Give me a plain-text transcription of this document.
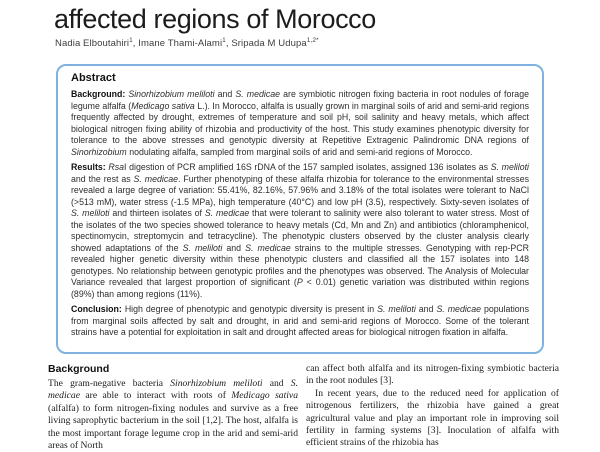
affected regions of Morocco
Nadia Elboutahiri$^1$, Imane Thami-Alami$^1$, Sripada M Udupa$^{1,2*}$
Abstract

Background: Sinorhizobium meliloti and S. medicae are symbiotic nitrogen fixing bacteria in root nodules of forage legume alfalfa (Medicago sativa L.). In Morocco, alfalfa is usually grown in marginal soils of arid and semi-arid regions frequently affected by drought, extremes of temperature and soil pH, soil salinity and heavy metals, which affect biological nitrogen fixing ability of rhizobia and productivity of the host. This study examines phenotypic diversity for tolerance to the above stresses and genotypic diversity at Repetitive Extragenic Palindromic DNA regions of Sinorhizobium nodulating alfalfa, sampled from marginal soils of arid and semi-arid regions of Morocco.

Results: RsaI digestion of PCR amplified 16S rDNA of the 157 sampled isolates, assigned 136 isolates as S. meliloti and the rest as S. medicae. Further phenotyping of these alfalfa rhizobia for tolerance to the environmental stresses revealed a large degree of variation: 55.41%, 82.16%, 57.96% and 3.18% of the total isolates were tolerant to NaCl (>513 mM), water stress (-1.5 MPa), high temperature (40°C) and low pH (3.5), respectively. Sixty-seven isolates of S. meliloti and thirteen isolates of S. medicae that were tolerant to salinity were also tolerant to water stress. Most of the isolates of the two species showed tolerance to heavy metals (Cd, Mn and Zn) and antibiotics (chloramphenicol, spectinomycin, streptomycin and tetracycline). The phenotypic clusters observed by the cluster analysis clearly showed adaptations of the S. meliloti and S. medicae strains to the multiple stresses. Genotyping with rep-PCR revealed higher genetic diversity within these phenotypic clusters and classified all the 157 isolates into 148 genotypes. No relationship between genotypic profiles and the phenotypes was observed. The Analysis of Molecular Variance revealed that largest proportion of significant (P < 0.01) genetic variation was distributed within regions (89%) than among regions (11%).

Conclusion: High degree of phenotypic and genotypic diversity is present in S. meliloti and S. medicae populations from marginal soils affected by salt and drought, in arid and semi-arid regions of Morocco. Some of the tolerant strains have a potential for exploitation in salt and drought affected areas for biological nitrogen fixation in alfalfa.

Background

The gram-negative bacteria Sinorhizobium meliloti and S. medicae are able to interact with roots of Medicago sativa (alfalfa) to form nitrogen-fixing nodules and survive as a free living saprophytic bacterium in the soil [1,2]. The host, alfalfa is the most important forage legume crop in the arid and semi-arid areas of North

can affect both alfalfa and its nitrogen-fixing symbiotic bacteria in the root nodules [3].

In recent years, due to the reduced need for application of nitrogenous fertilizers, the rhizobia have gained a great agricultural value and play an important role in improving soil fertility in farming systems [3]. Inoculation of alfalfa with efficient strains of the rhizobia has
